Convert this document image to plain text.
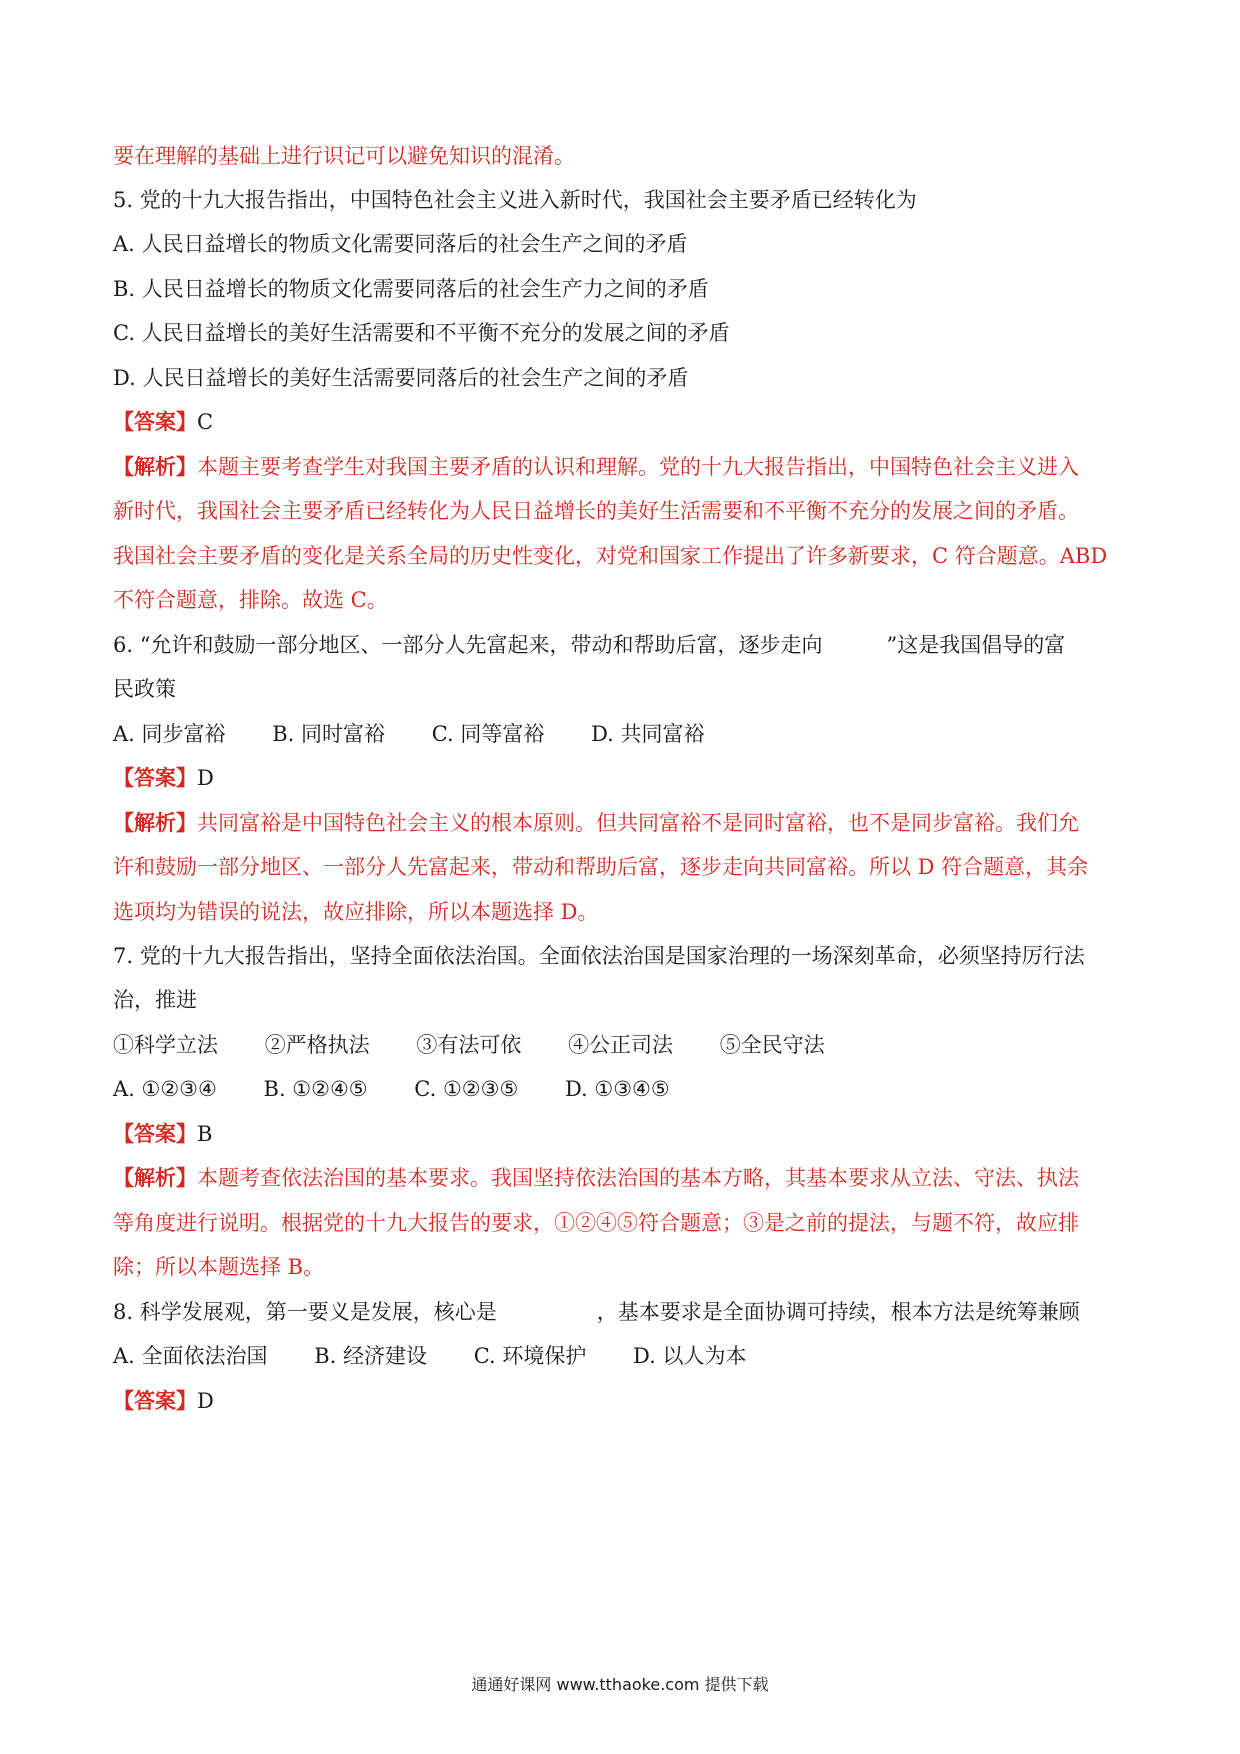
要在理解的基础上进行识记可以避免知识的混淆。
5. 党的十九大报告指出，中国特色社会主义进入新时代，我国社会主要矛盾已经转化为
A. 人民日益增长的物质文化需要同落后的社会生产之间的矛盾
B. 人民日益增长的物质文化需要同落后的社会生产力之间的矛盾
C. 人民日益增长的美好生活需要和不平衡不充分的发展之间的矛盾
D. 人民日益增长的美好生活需要同落后的社会生产之间的矛盾
【答案】C
【解析】本题主要考查学生对我国主要矛盾的认识和理解。党的十九大报告指出，中国特色社会主义进入
新时代，我国社会主要矛盾已经转化为人民日益增长的美好生活需要和不平衡不充分的发展之间的矛盾。
我国社会主要矛盾的变化是关系全局的历史性变化，对党和国家工作提出了许多新要求，C 符合题意。ABD
不符合题意，排除。故选 C。
6. “允许和鼓励一部分地区、一部分人先富起来，带动和帮助后富，逐步走向	”这是我国倡导的富
民政策
A. 同步富裕 B. 同时富裕 C. 同等富裕 D. 共同富裕
【答案】D
【解析】共同富裕是中国特色社会主义的根本原则。但共同富裕不是同时富裕，也不是同步富裕。我们允
许和鼓励一部分地区、一部分人先富起来，带动和帮助后富，逐步走向共同富裕。所以 D 符合题意，其余
选项均为错误的说法，故应排除，所以本题选择 D。
7. 党的十九大报告指出，坚持全面依法治国。全面依法治国是国家治理的一场深刻革命，必须坚持厉行法
治，推进
①科学立法 ②严格执法 ③有法可依 ④公正司法 ⑤全民守法
A. ①②③④ B. ①②④⑤ C. ①②③⑤ D. ①③④⑤
【答案】B
【解析】本题考查依法治国的基本要求。我国坚持依法治国的基本方略，其基本要求从立法、守法、执法
等角度进行说明。根据党的十九大报告的要求，①②④⑤符合题意；③是之前的提法，与题不符，故应排
除；所以本题选择 B。
8. 科学发展观，第一要义是发展，核心是	，基本要求是全面协调可持续，根本方法是统筹兼顾
A. 全面依法治国 B. 经济建设 C. 环境保护 D. 以人为本
【答案】D
通通好课网 www.tthaoke.com 提供下载
